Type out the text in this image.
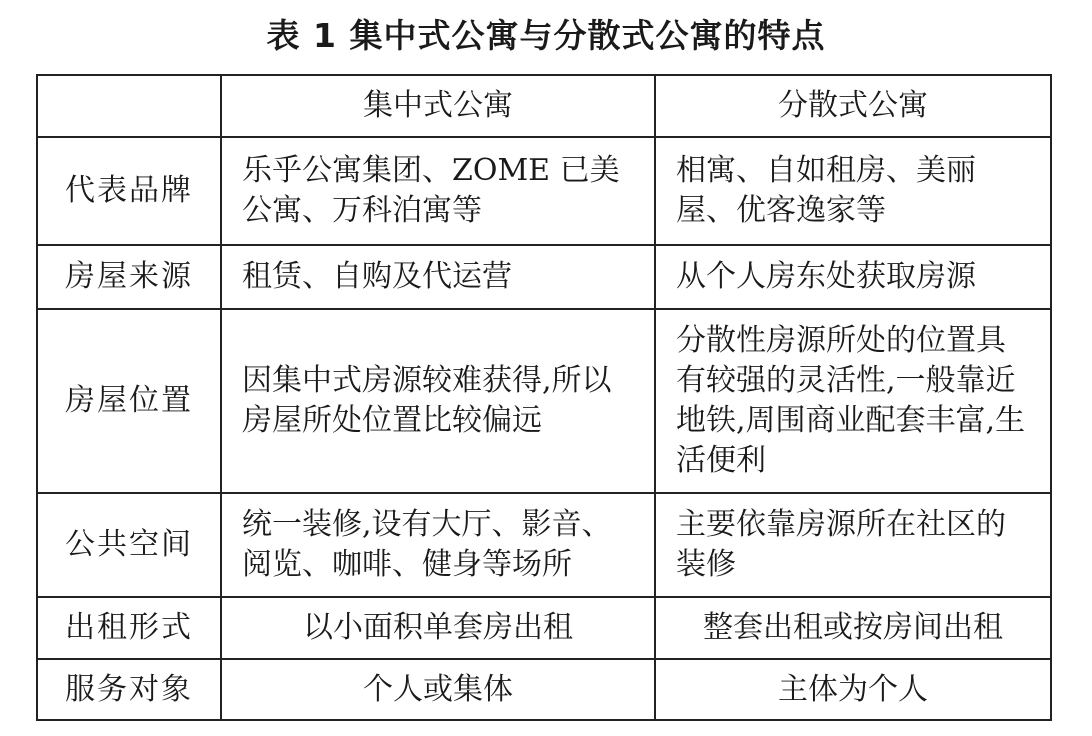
表 1 集中式公寓与分散式公寓的特点
	集中式公寓	分散式公寓
代表品牌	乐乎公寓集团、ZOME 已美公寓、万科泊寓等	相寓、自如租房、美丽屋、优客逸家等
房屋来源	租赁、自购及代运营	从个人房东处获取房源
房屋位置	因集中式房源较难获得,所以房屋所处位置比较偏远	分散性房源所处的位置具有较强的灵活性,一般靠近地铁,周围商业配套丰富,生活便利
公共空间	统一装修,设有大厅、影音、阅览、咖啡、健身等场所	主要依靠房源所在社区的装修
出租形式	以小面积单套房出租	整套出租或按房间出租
服务对象	个人或集体	主体为个人
